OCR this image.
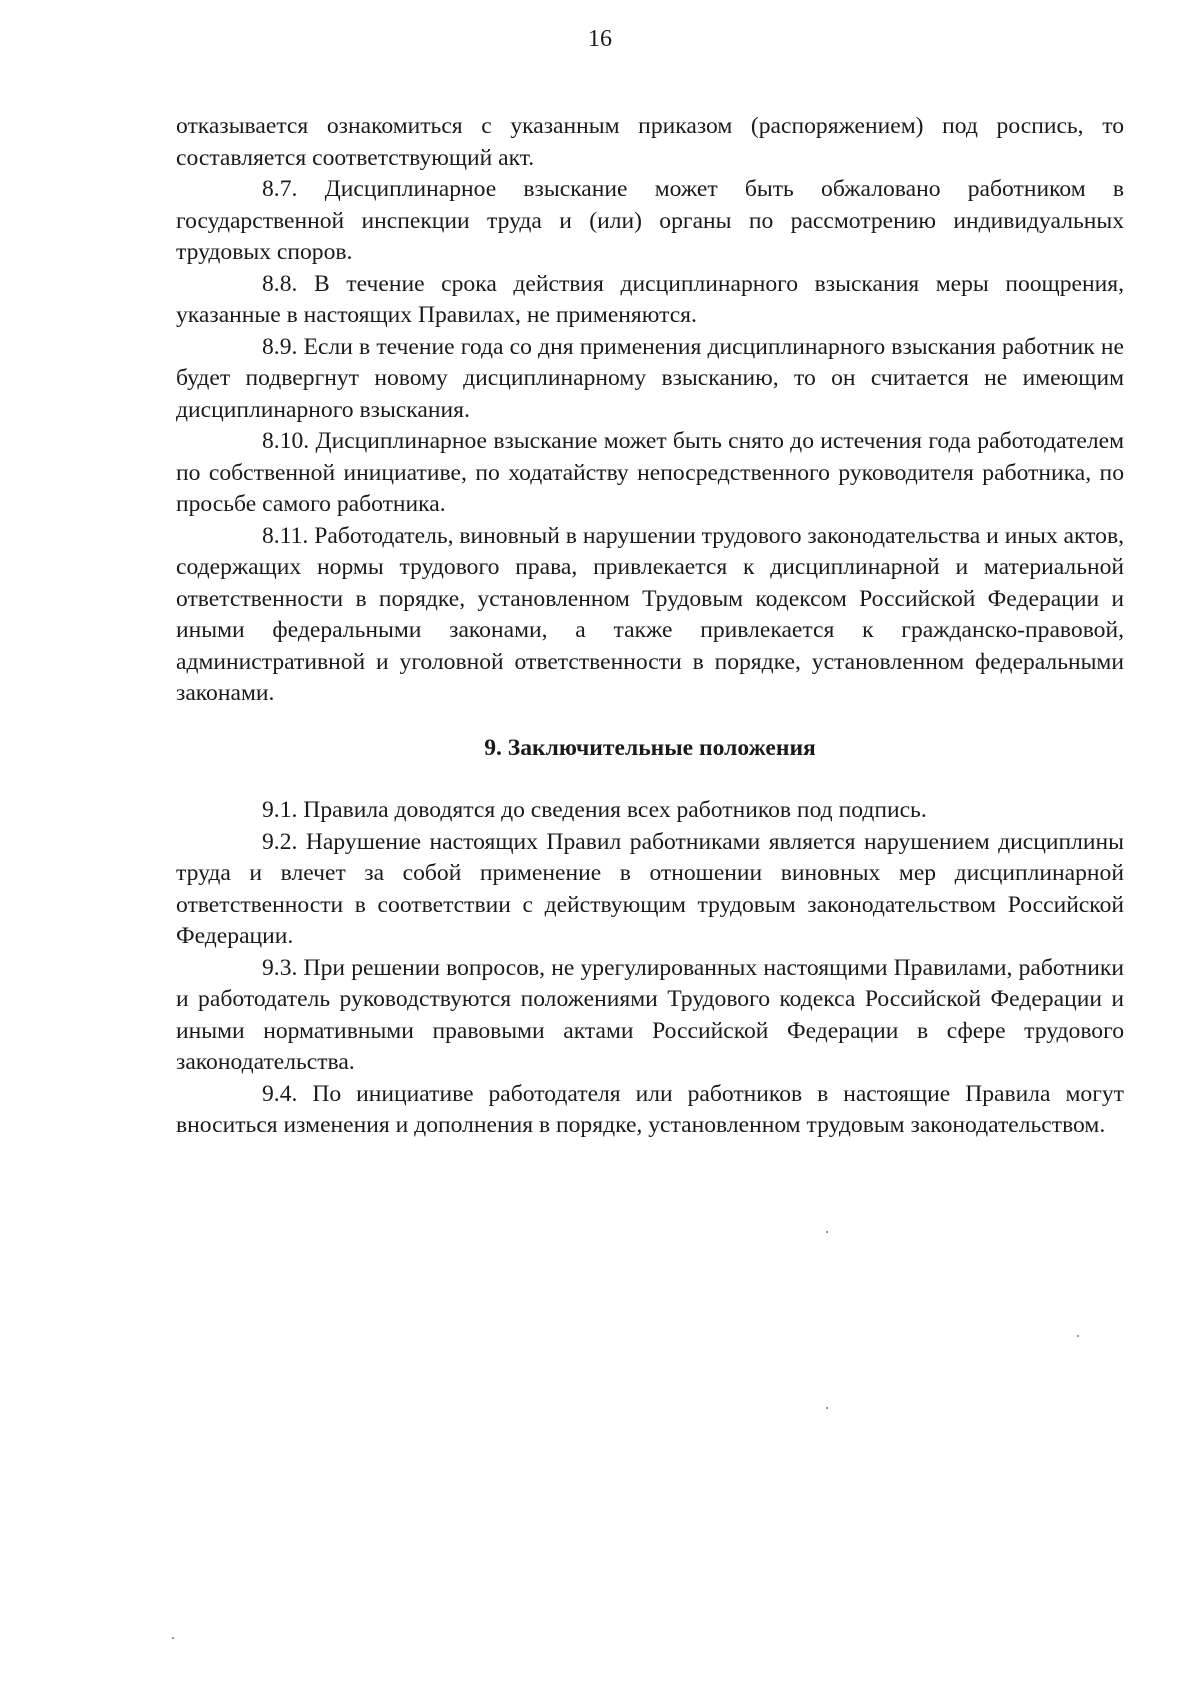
16

отказывается ознакомиться с указанным приказом (распоряжением) под роспись, то составляется соответствующий акт.

8.7. Дисциплинарное взыскание может быть обжаловано работником в государственной инспекции труда и (или) органы по рассмотрению индивидуальных трудовых споров.

8.8. В течение срока действия дисциплинарного взыскания меры поощрения, указанные в настоящих Правилах, не применяются.

8.9. Если в течение года со дня применения дисциплинарного взыскания работник не будет подвергнут новому дисциплинарному взысканию, то он считается не имеющим дисциплинарного взыскания.

8.10. Дисциплинарное взыскание может быть снято до истечения года работодателем по собственной инициативе, по ходатайству непосредственного руководителя работника, по просьбе самого работника.

8.11. Работодатель, виновный в нарушении трудового законодательства и иных актов, содержащих нормы трудового права, привлекается к дисциплинарной и материальной ответственности в порядке, установленном Трудовым кодексом Российской Федерации и иными федеральными законами, а также привлекается к гражданско-правовой, административной и уголовной ответственности в порядке, установленном федеральными законами.

9. Заключительные положения

9.1. Правила доводятся до сведения всех работников под подпись.

9.2. Нарушение настоящих Правил работниками является нарушением дисциплины труда и влечет за собой применение в отношении виновных мер дисциплинарной ответственности в соответствии с действующим трудовым законодательством Российской Федерации.

9.3. При решении вопросов, не урегулированных настоящими Правилами, работники и работодатель руководствуются положениями Трудового кодекса Российской Федерации и иными нормативными правовыми актами Российской Федерации в сфере трудового законодательства.

9.4. По инициативе работодателя или работников в настоящие Правила могут вноситься изменения и дополнения в порядке, установленном трудовым законодательством.
